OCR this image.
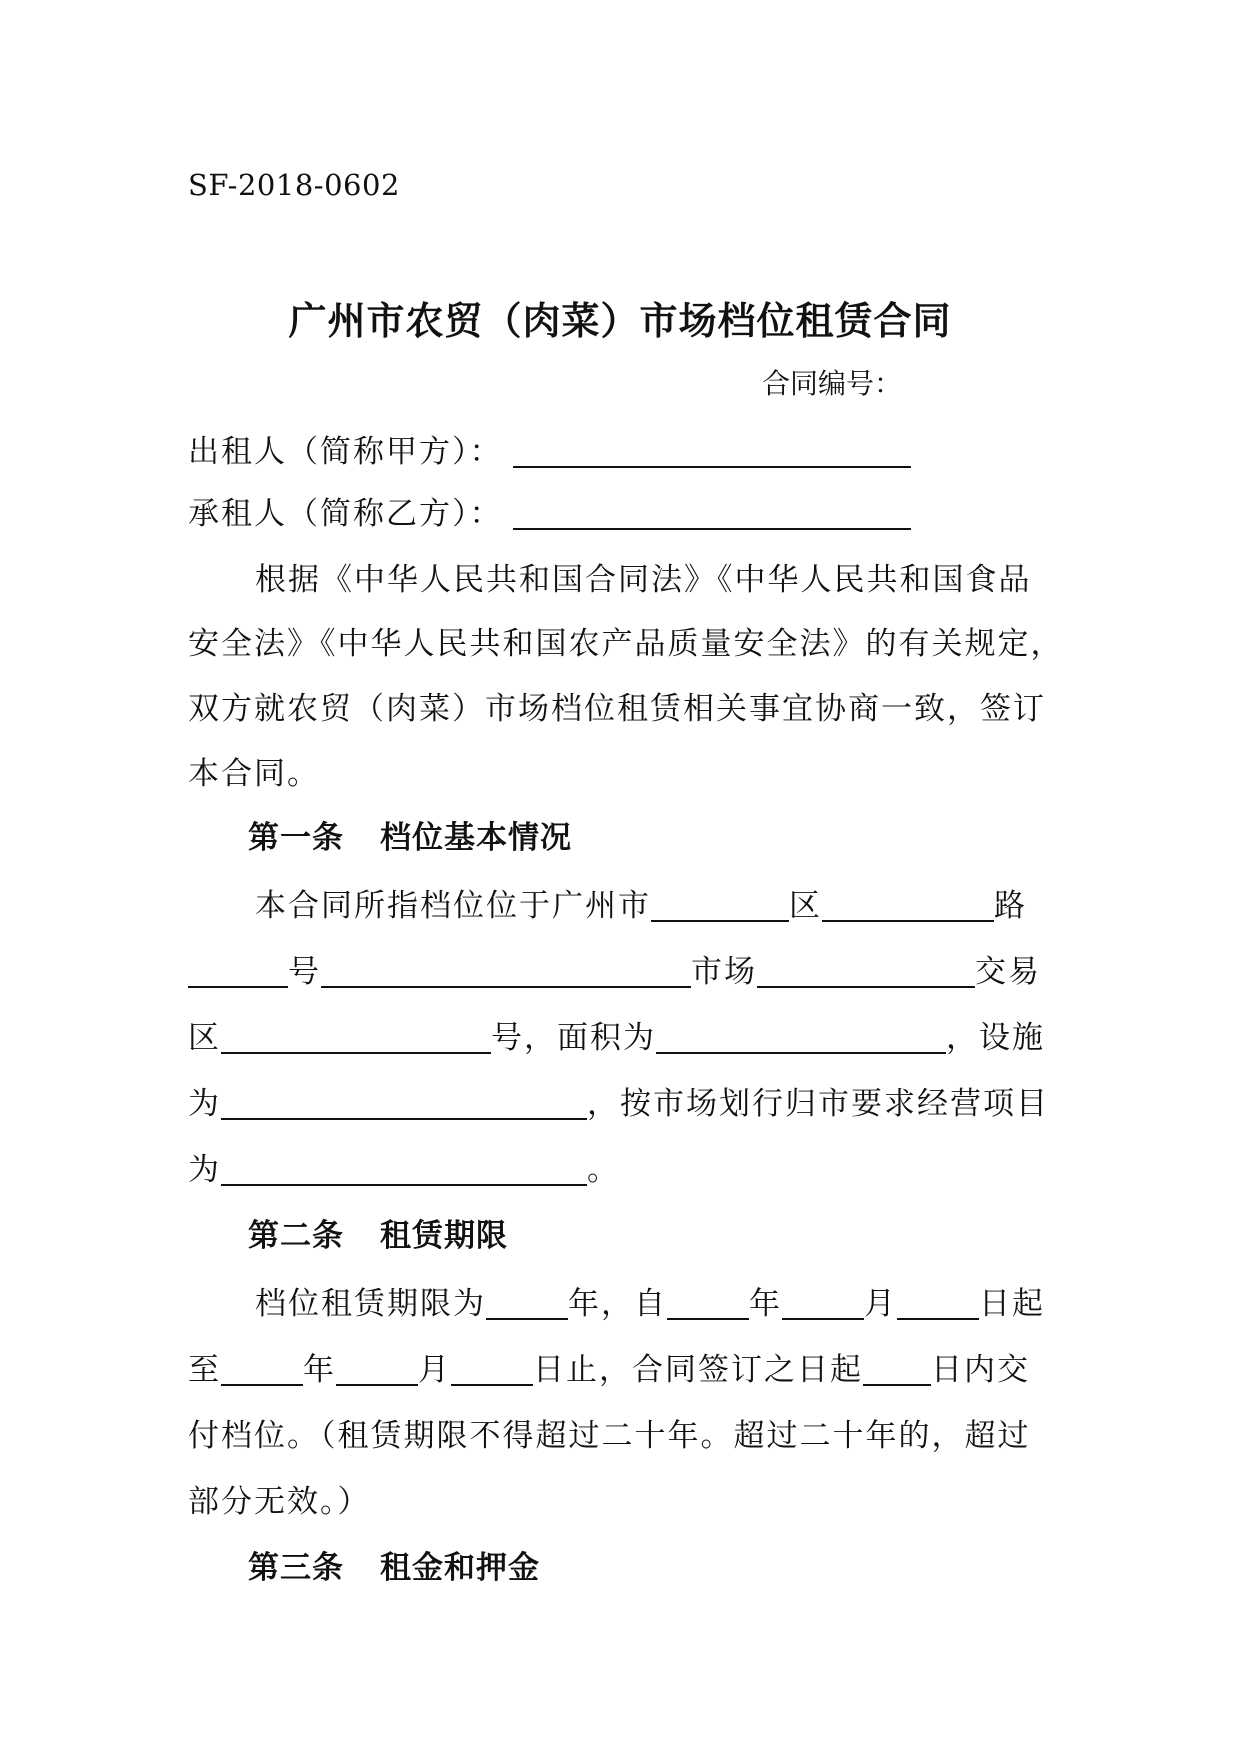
SF-2018-0602
广州市农贸（肉菜）市场档位租赁合同
合同编号：
出租人（简称甲方）：
承租人（简称乙方）：
根据《中华人民共和国合同法》《中华人民共和国食品
安全法》《中华人民共和国农产品质量安全法》的有关规定，
双方就农贸（肉菜）市场档位租赁相关事宜协商一致，签订
本合同。
第一条 档位基本情况
本合同所指档位位于广州市	区	路
号	市场	交易
区	号，面积为	，设施
为	，按市场划行归市要求经营项目
为	。
第二条 租赁期限
档位租赁期限为	年，自	年	月	日起
至	年	月	日止，合同签订之日起 日内交
付档位。（租赁期限不得超过二十年。超过二十年的，超过
部分无效。）
第三条 租金和押金
